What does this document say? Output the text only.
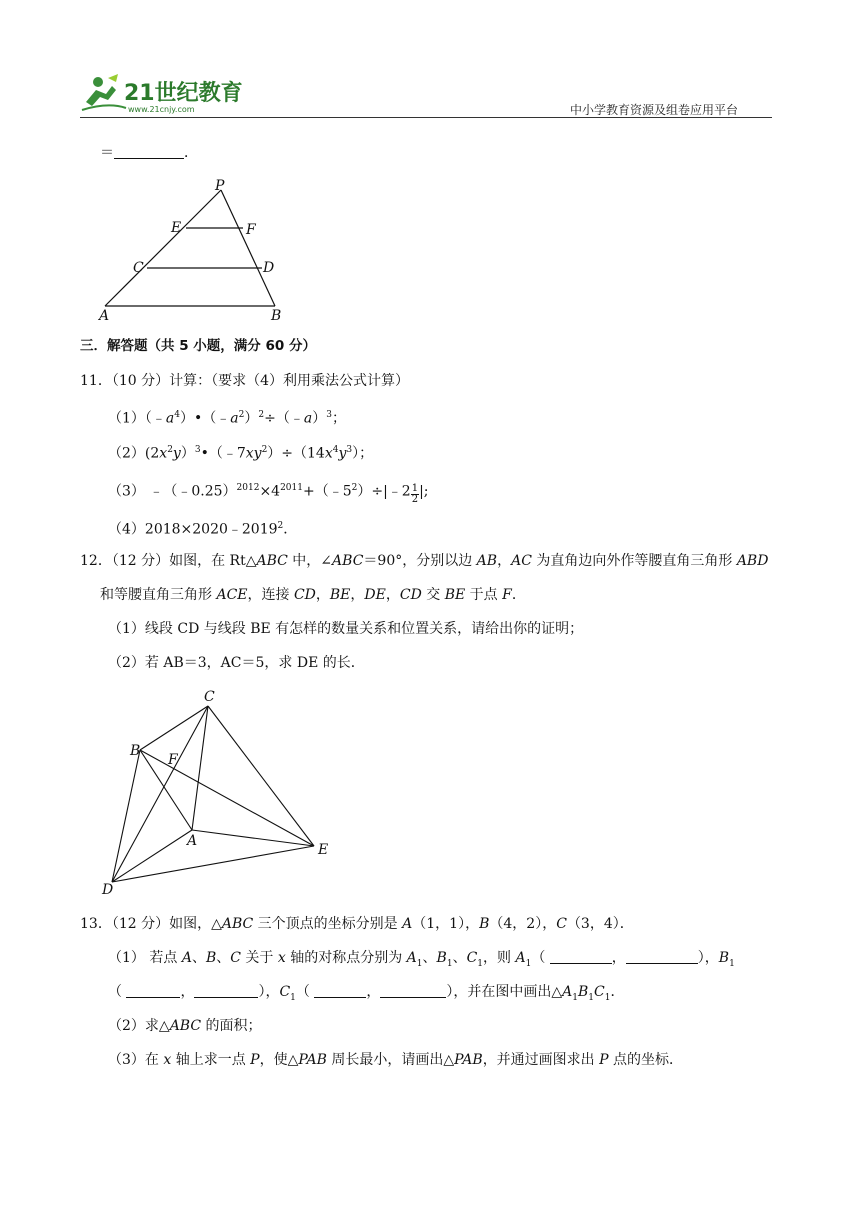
21世纪教育
www.21cnjy.com	中小学教育资源及组卷应用平台
＝	．
P
E	F
C	D
A	B
三．解答题（共 5 小题，满分 60 分）
11．（10 分）计算：（要求（4）利用乘法公式计算）
$(1)(﹣a^4)•(﹣a^2)^2\div(﹣a)^3$；
$(2)(2x^2y)^3•(﹣7xy^2)\div(14x^4y^3)$；
（3） $﹣(﹣0.25)^{2012}\times 4^{2011}+(﹣5^2)\div|﹣2 \frac{1}{2}$ |;
$(4)2018\times 2020﹣2019^2$．
12．（12 分）如图，在 Rt△ABC 中，∠ABC＝90°，分别以边 AB，AC 为直角边向外作等腰直角三角形 ABD
和等腰直角三角形 ACE，连接 CD，BE，DE，CD 交 BE 于点 F．
（1）线段 CD 与线段 BE 有怎样的数量关系和位置关系，请给出你的证明；
（2）若 AB＝3，AC＝5，求 DE 的长．
C
B
F
A
E
D
13．（12 分）如图，△ABC 三个顶点的坐标分别是 A（1，1），B（4，2），C（3，4）．
（1） 若点 A、B、C 关于 x 轴的对称点分别为 $A_1$、$B_1$、$C_1$，则 $A_1$（	，	），$B_1$
（	，	），$C_1$（	，	），并在图中画出$\triangle A_1B_1C_1$．
（2）求△ABC 的面积；
（3）在 x 轴上求一点 P，使△PAB 周长最小，请画出△PAB，并通过画图求出 P 点的坐标．
